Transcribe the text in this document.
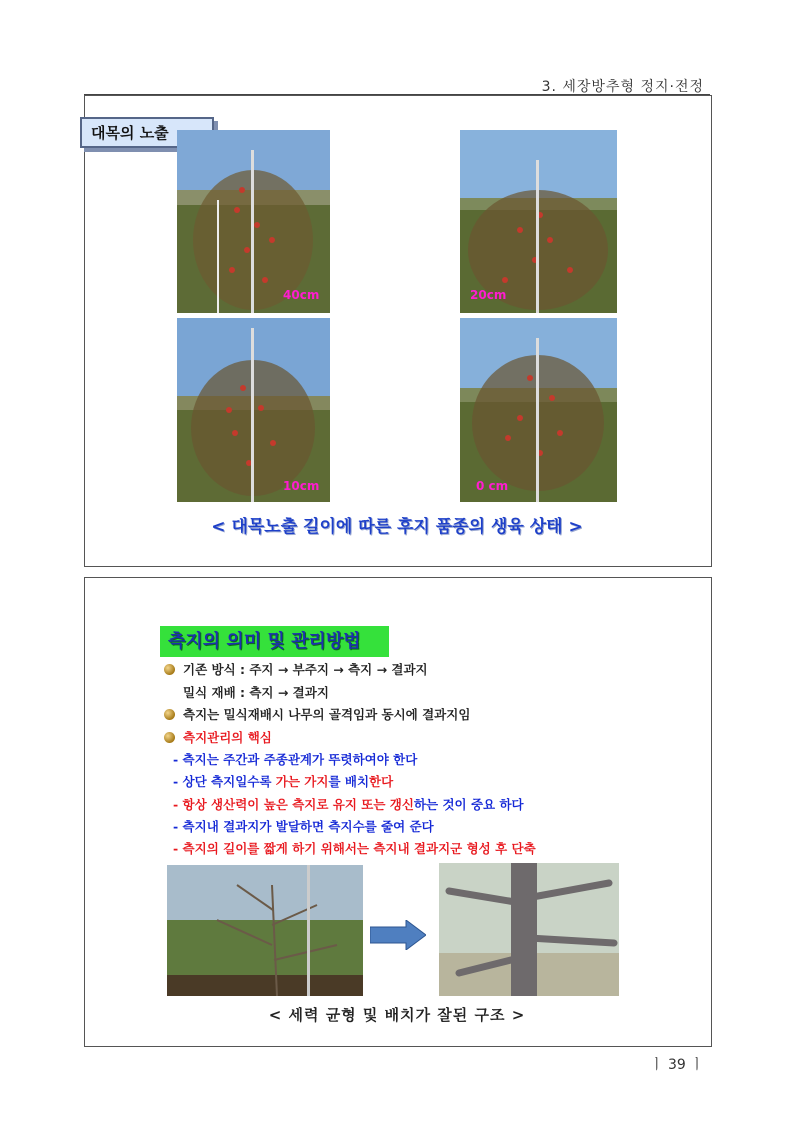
3. 세장방추형 정지·전정
대목의 노출
40cm	20cm
10cm	0 cm
< 대목노출 길이에 따른 후지 품종의 생육 상태 >
측지의 의미 및 관리방법
기존 방식 : 주지 → 부주지 → 측지 → 결과지
밀식 재배 : 측지 → 결과지
측지는 밀식재배시 나무의 골격임과 동시에 결과지임
측지관리의 핵심
- 측지는 주간과 주종관계가 뚜렷하여야 한다
- 상단 측지일수록 가는 가지를 배치한다
- 항상 생산력이 높은 측지로 유지 또는 갱신하는 것이 중요 하다
- 측지내 결과지가 발달하면 측지수를 줄여 준다
- 측지의 길이를 짧게 하기 위해서는 측지내 결과지군 형성 후 단축
< 세력 균형 및 배치가 잘된 구조 >
ㅣ 39 ㅣ
